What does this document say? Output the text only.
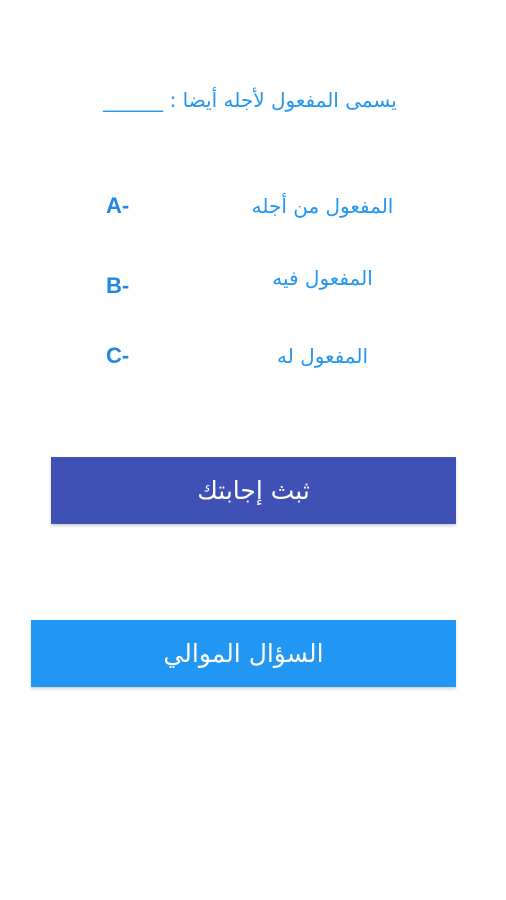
يسمى المفعول لأجله أيضا : ______
A-	المفعول من أجله
B-	المفعول فيه
C-	المفعول له
ثبث إجابتك
السؤال الموالي
